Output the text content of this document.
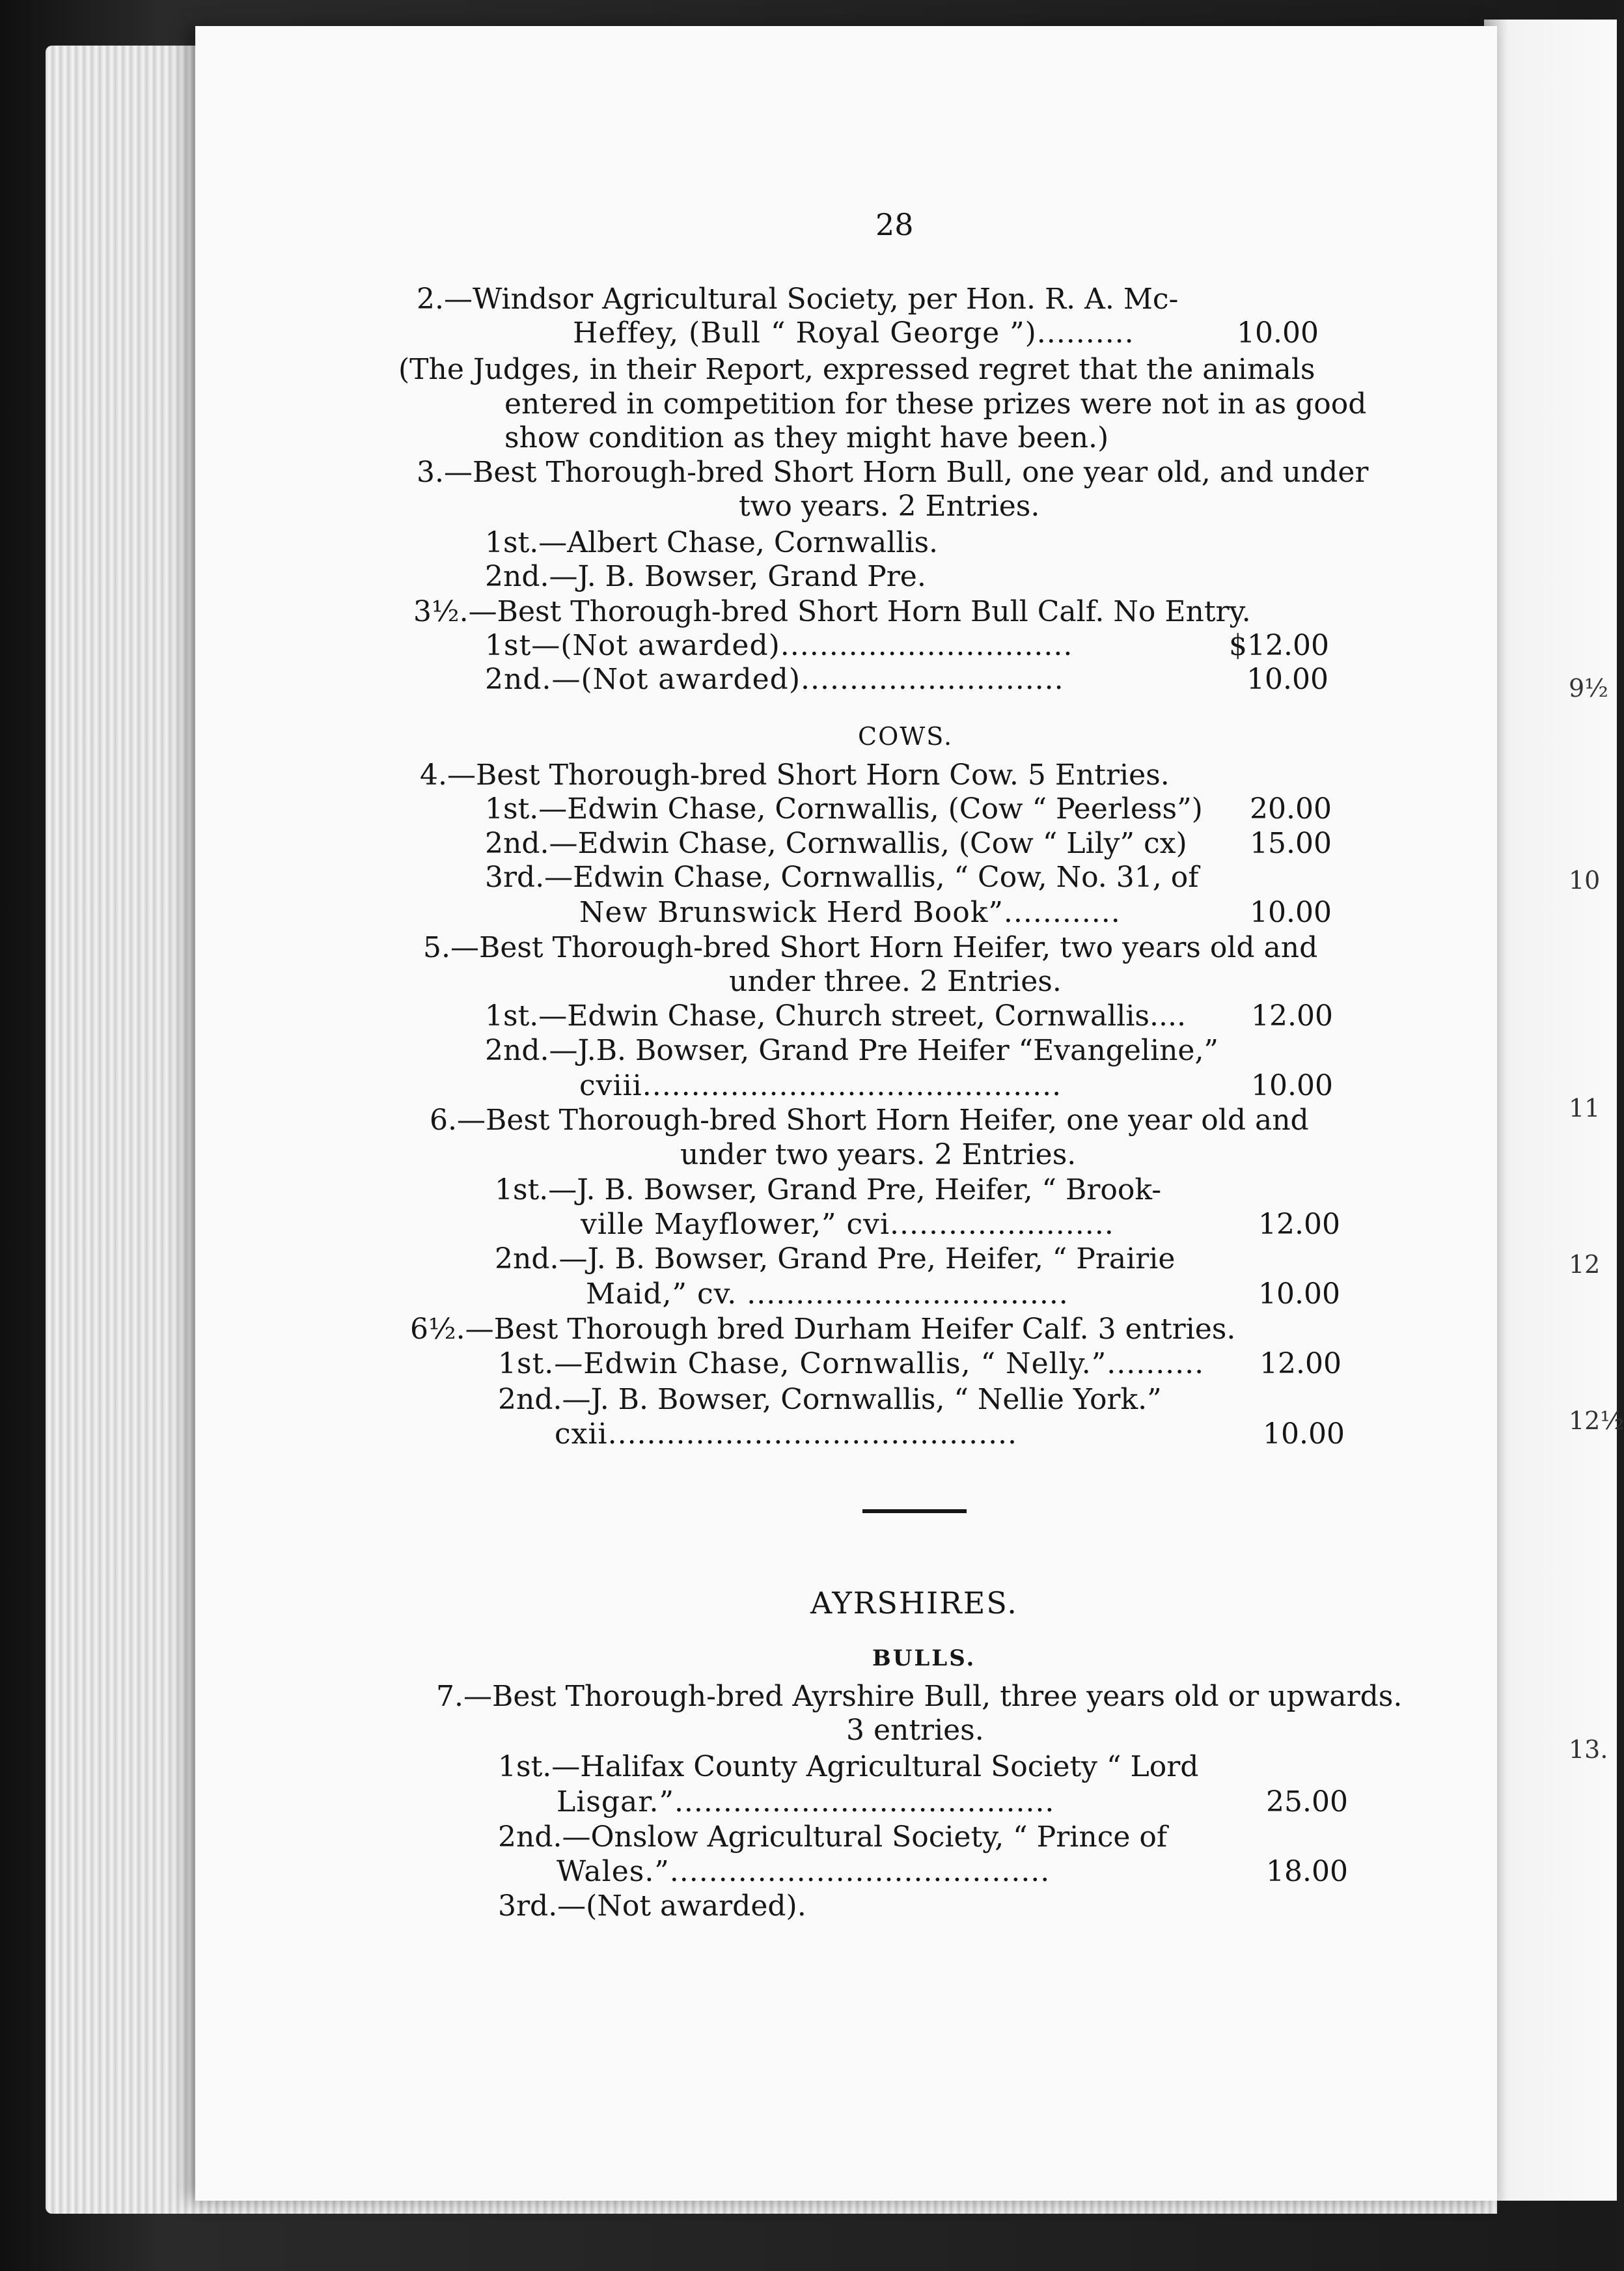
9½
10
11
12
12½
13.
28
2.—Windsor Agricultural Society, per Hon. R. A. Mc-
Heffey, (Bull “ Royal George ”)..........	10.00
(The Judges, in their Report, expressed regret that the animals
entered in competition for these prizes were not in as good
show condition as they might have been.)
3.—Best Thorough-bred Short Horn Bull, one year old, and under
two years. 2 Entries.
1st.—Albert Chase, Cornwallis.
2nd.—J. B. Bowser, Grand Pre.
3½.—Best Thorough-bred Short Horn Bull Calf. No Entry.
1st—(Not awarded)..............................	$12.00
2nd.—(Not awarded)...........................	10.00
COWS.
4.—Best Thorough-bred Short Horn Cow. 5 Entries.
1st.—Edwin Chase, Cornwallis, (Cow “ Peerless”) 20.00
2nd.—Edwin Chase, Cornwallis, (Cow “ Lily” cx) 15.00
3rd.—Edwin Chase, Cornwallis, “ Cow, No. 31, of
New Brunswick Herd Book”............	10.00
5.—Best Thorough-bred Short Horn Heifer, two years old and
under three. 2 Entries.
1st.—Edwin Chase, Church street, Cornwallis.... 12.00
2nd.—J.B. Bowser, Grand Pre Heifer “Evangeline,”
cviii...........................................	10.00
6.—Best Thorough-bred Short Horn Heifer, one year old and
under two years. 2 Entries.
1st.—J. B. Bowser, Grand Pre, Heifer, “ Brook-
ville Mayflower,” cvi.......................	12.00
2nd.—J. B. Bowser, Grand Pre, Heifer, “ Prairie
Maid,” cv. .................................	10.00
6½.—Best Thorough bred Durham Heifer Calf. 3 entries.
1st.—Edwin Chase, Cornwallis, “ Nelly.”.......... 12.00
2nd.—J. B. Bowser, Cornwallis, “ Nellie York.”
cxii..........................................	10.00
AYRSHIRES.
BULLS.
7.—Best Thorough-bred Ayrshire Bull, three years old or upwards.
3 entries.
1st.—Halifax County Agricultural Society “ Lord
Lisgar.”.......................................	25.00
2nd.—Onslow Agricultural Society, “ Prince of
Wales.”.......................................	18.00
3rd.—(Not awarded).
